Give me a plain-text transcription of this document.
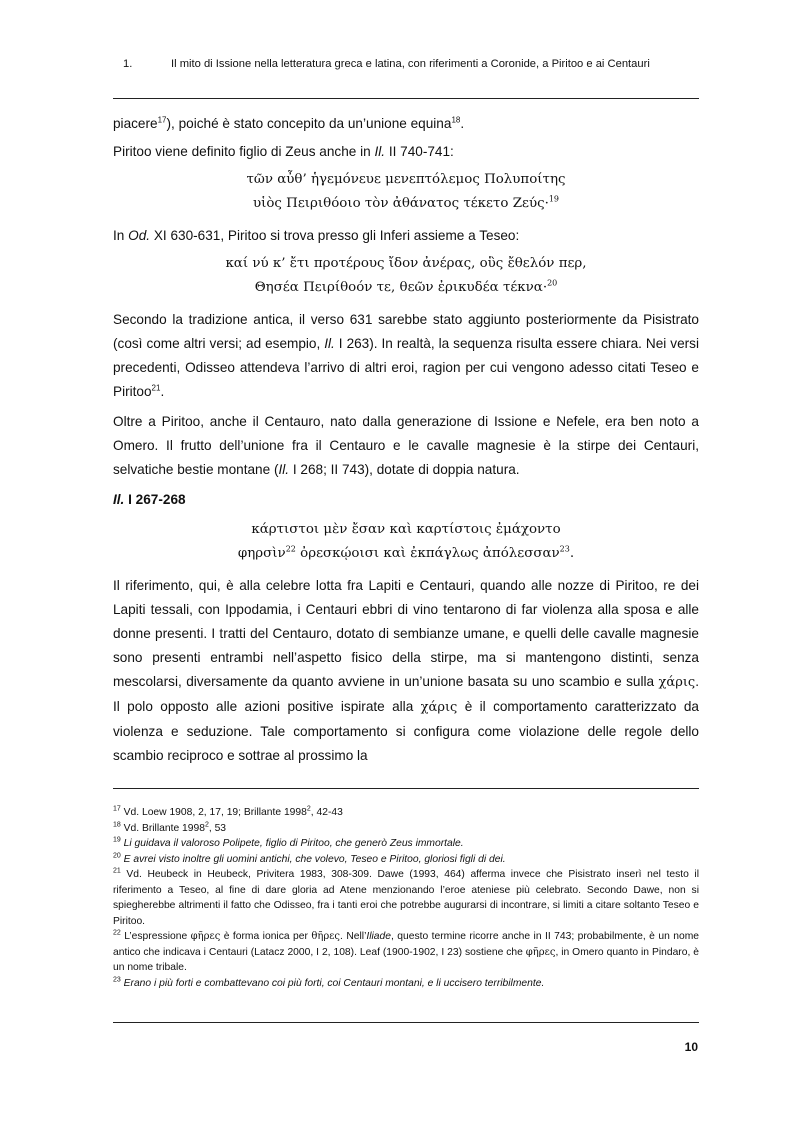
1.	Il mito di Issione nella letteratura greca e latina, con riferimenti a Coronide, a Piritoo e ai Centauri

piacere$^{17}$), poiché è stato concepito da un’unione equina$^{18}$.

Piritoo viene definito figlio di Zeus anche in Il. II 740-741:

τῶν αὖθ’ ἡγεμόνευε μενεπτόλεμος Πολυποίτης
υἱὸς Πειριθόοιο τὸν ἀθάνατος τέκετο Ζεύς·$^{19}$

In Od. XI 630-631, Piritoo si trova presso gli Inferi assieme a Teseo:

καί νύ κ’ ἔτι προτέρους ἴδον ἀνέρας, οὓς ἔθελόν περ,
Θησέα Πειρίθοόν τε, θεῶν ἐρικυδέα τέκνα·$^{20}$

Secondo la tradizione antica, il verso 631 sarebbe stato aggiunto posteriormente da Pisistrato (così come altri versi; ad esempio, Il. I 263). In realtà, la sequenza risulta essere chiara. Nei versi precedenti, Odisseo attendeva l’arrivo di altri eroi, ragion per cui vengono adesso citati Teseo e Piritoo$^{21}$.

Oltre a Piritoo, anche il Centauro, nato dalla generazione di Issione e Nefele, era ben noto a Omero. Il frutto dell’unione fra il Centauro e le cavalle magnesie è la stirpe dei Centauri, selvatiche bestie montane (Il. I 268; II 743), dotate di doppia natura.

Il. I 267-268

κάρτιστοι μὲν ἔσαν καὶ καρτίστοις ἐμάχοντο
φηρσὶν$^{22}$ ὀρεσκῴοισι καὶ ἐκπάγλως ἀπόλεσσαν$^{23}$.

Il riferimento, qui, è alla celebre lotta fra Lapiti e Centauri, quando alle nozze di Piritoo, re dei Lapiti tessali, con Ippodamia, i Centauri ebbri di vino tentarono di far violenza alla sposa e alle donne presenti. I tratti del Centauro, dotato di sembianze umane, e quelli delle cavalle magnesie sono presenti entrambi nell’aspetto fisico della stirpe, ma si mantengono distinti, senza mescolarsi, diversamente da quanto avviene in un’unione basata su uno scambio e sulla χάρις. Il polo opposto alle azioni positive ispirate alla χάρις è il comportamento caratterizzato da violenza e seduzione. Tale comportamento si configura come violazione delle regole dello scambio reciproco e sottrae al prossimo la

$^{17}$ Vd. Loew 1908, 2, 17, 19; Brillante 1998$^2$, 42-43

$^{18}$ Vd. Brillante 1998$^2$, 53

$^{19}$ Li guidava il valoroso Polipete, figlio di Piritoo, che generò Zeus immortale.

$^{20}$ E avrei visto inoltre gli uomini antichi, che volevo, Teseo e Piritoo, gloriosi figli di dei.

$^{21}$ Vd. Heubeck in Heubeck, Privitera 1983, 308-309. Dawe (1993, 464) afferma invece che Pisistrato inserì nel testo il riferimento a Teseo, al fine di dare gloria ad Atene menzionando l’eroe ateniese più celebrato. Secondo Dawe, non si spiegherebbe altrimenti il fatto che Odisseo, fra i tanti eroi che potrebbe augurarsi di incontrare, si limiti a citare soltanto Teseo e Piritoo.

$^{22}$ L’espressione φῆρες è forma ionica per θῆρες. Nell’Iliade, questo termine ricorre anche in II 743; probabilmente, è un nome antico che indicava i Centauri (Latacz 2000, I 2, 108). Leaf (1900-1902, I 23) sostiene che φῆρες, in Omero quanto in Pindaro, è un nome tribale.

$^{23}$ Erano i più forti e combattevano coi più forti, coi Centauri montani, e li uccisero terribilmente.

10
